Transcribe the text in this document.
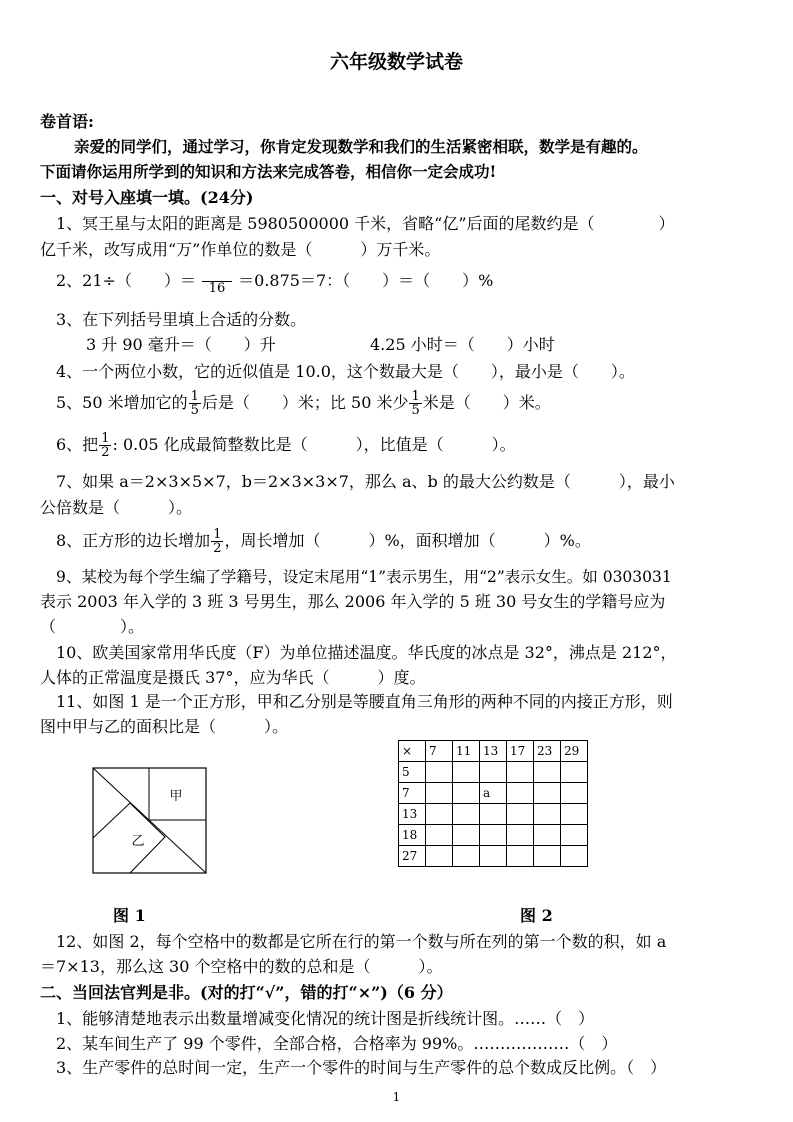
六年级数学试卷
卷首语:
亲爱的同学们，通过学习，你肯定发现数学和我们的生活紧密相联，数学是有趣的。
下面请你运用所学到的知识和方法来完成答卷，相信你一定会成功!
一、对号入座填一填。(24分)
1、冥王星与太阳的距离是 5980500000 千米，省略“亿”后面的尾数约是（　　　　）
亿千米，改写成用“万”作单位的数是（　　　）万千米。
2、21÷（　　）＝ 16 ＝0.875＝7：（　　）＝（　　）%
3、在下列括号里填上合适的分数。
3 升 90 毫升＝（　　）升	4.25 小时＝（　　）小时
4、一个两位小数，它的近似值是 10.0，这个数最大是（　　），最小是（　　）。
5、50 米增加它的 $\frac{1}{5}$ 后是（　　）米；比 50 米少 $\frac{1}{5}$ 米是（　　）米。
6、把 $\frac{1}{2}$ : 0.05 化成最简整数比是（　　　），比值是（　　　）。
7、如果 a＝2×3×5×7，b＝2×3×3×7，那么 a、b 的最大公约数是（　　　），最小
公倍数是（　　　）。
8、正方形的边长增加 $\frac{1}{2}$ ，周长增加（　　　）%，面积增加（　　　）%。
9、某校为每个学生编了学籍号，设定末尾用“1”表示男生，用“2”表示女生。如 0303031
表示 2003 年入学的 3 班 3 号男生，那么 2006 年入学的 5 班 30 号女生的学籍号应为
（　　　　）。
10、欧美国家常用华氏度（F）为单位描述温度。华氏度的冰点是 32°，沸点是 212°，
人体的正常温度是摄氏 37°，应为华氏（　　　）度。
11、如图 1 是一个正方形，甲和乙分别是等腰直角三角形的两种不同的内接正方形，则
图中甲与乙的面积比是（　　　）。
甲
乙
×	7	11	13	17	23	29
5						
7			a			
13						
18						
27						
图 1	图 2
12、如图 2，每个空格中的数都是它所在行的第一个数与所在列的第一个数的积，如 a
＝7×13，那么这 30 个空格中的数的总和是（　　　）。
二、当回法官判是非。(对的打“√”，错的打“×”)（6 分）
1、能够清楚地表示出数量增减变化情况的统计图是折线统计图。……（　）
2、某车间生产了 99 个零件，全部合格，合格率为 99%。………………（　）
3、生产零件的总时间一定，生产一个零件的时间与生产零件的总个数成反比例。（　）
1
